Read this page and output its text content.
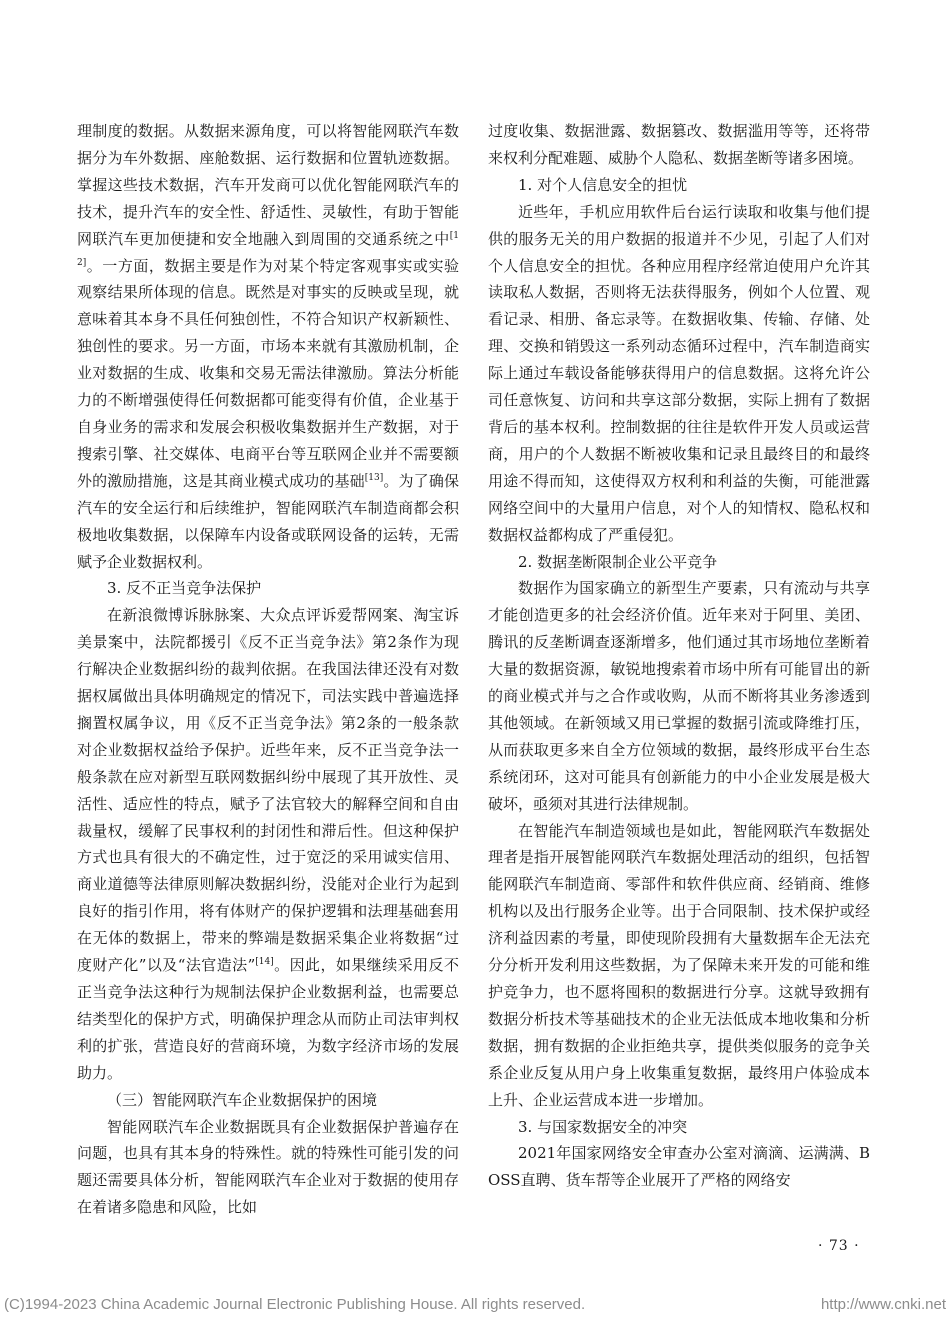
理制度的数据。从数据来源角度，可以将智能网联汽车数据分为车外数据、座舱数据、运行数据和位置轨迹数据。掌握这些技术数据，汽车开发商可以优化智能网联汽车的技术，提升汽车的安全性、舒适性、灵敏性，有助于智能网联汽车更加便捷和安全地融入到周围的交通系统之中[12]。一方面，数据主要是作为对某个特定客观事实或实验观察结果所体现的信息。既然是对事实的反映或呈现，就意味着其本身不具任何独创性，不符合知识产权新颖性、独创性的要求。另一方面，市场本来就有其激励机制，企业对数据的生成、收集和交易无需法律激励。算法分析能力的不断增强使得任何数据都可能变得有价值，企业基于自身业务的需求和发展会积极收集数据并生产数据，对于搜索引擎、社交媒体、电商平台等互联网企业并不需要额外的激励措施，这是其商业模式成功的基础[13]。为了确保汽车的安全运行和后续维护，智能网联汽车制造商都会积极地收集数据，以保障车内设备或联网设备的运转，无需赋予企业数据权利。

3. 反不正当竞争法保护

在新浪微博诉脉脉案、大众点评诉爱帮网案、淘宝诉美景案中，法院都援引《反不正当竞争法》第2条作为现行解决企业数据纠纷的裁判依据。在我国法律还没有对数据权属做出具体明确规定的情况下，司法实践中普遍选择搁置权属争议，用《反不正当竞争法》第2条的一般条款对企业数据权益给予保护。近些年来，反不正当竞争法一般条款在应对新型互联网数据纠纷中展现了其开放性、灵活性、适应性的特点，赋予了法官较大的解释空间和自由裁量权，缓解了民事权利的封闭性和滞后性。但这种保护方式也具有很大的不确定性，过于宽泛的采用诚实信用、商业道德等法律原则解决数据纠纷，没能对企业行为起到良好的指引作用，将有体财产的保护逻辑和法理基础套用在无体的数据上，带来的弊端是数据采集企业将数据“过度财产化”以及“法官造法”[14]。因此，如果继续采用反不正当竞争法这种行为规制法保护企业数据利益，也需要总结类型化的保护方式，明确保护理念从而防止司法审判权利的扩张，营造良好的营商环境，为数字经济市场的发展助力。

（三）智能网联汽车企业数据保护的困境

智能网联汽车企业数据既具有企业数据保护普遍存在问题，也具有其本身的特殊性。就的特殊性可能引发的问题还需要具体分析，智能网联汽车企业对于数据的使用存在着诸多隐患和风险，比如

过度收集、数据泄露、数据篡改、数据滥用等等，还将带来权利分配难题、威胁个人隐私、数据垄断等诸多困境。

1. 对个人信息安全的担忧

近些年，手机应用软件后台运行读取和收集与他们提供的服务无关的用户数据的报道并不少见，引起了人们对个人信息安全的担忧。各种应用程序经常迫使用户允许其读取私人数据，否则将无法获得服务，例如个人位置、观看记录、相册、备忘录等。在数据收集、传输、存储、处理、交换和销毁这一系列动态循环过程中，汽车制造商实际上通过车载设备能够获得用户的信息数据。这将允许公司任意恢复、访问和共享这部分数据，实际上拥有了数据背后的基本权利。控制数据的往往是软件开发人员或运营商，用户的个人数据不断被收集和记录且最终目的和最终用途不得而知，这使得双方权利和利益的失衡，可能泄露网络空间中的大量用户信息，对个人的知情权、隐私权和数据权益都构成了严重侵犯。

2. 数据垄断限制企业公平竞争

数据作为国家确立的新型生产要素，只有流动与共享才能创造更多的社会经济价值。近年来对于阿里、美团、腾讯的反垄断调查逐渐增多，他们通过其市场地位垄断着大量的数据资源，敏锐地搜索着市场中所有可能冒出的新的商业模式并与之合作或收购，从而不断将其业务渗透到其他领域。在新领域又用已掌握的数据引流或降维打压，从而获取更多来自全方位领域的数据，最终形成平台生态系统闭环，这对可能具有创新能力的中小企业发展是极大破坏，亟须对其进行法律规制。

在智能汽车制造领域也是如此，智能网联汽车数据处理者是指开展智能网联汽车数据处理活动的组织，包括智能网联汽车制造商、零部件和软件供应商、经销商、维修机构以及出行服务企业等。出于合同限制、技术保护或经济利益因素的考量，即使现阶段拥有大量数据车企无法充分分析开发利用这些数据，为了保障未来开发的可能和维护竞争力，也不愿将囤积的数据进行分享。这就导致拥有数据分析技术等基础技术的企业无法低成本地收集和分析数据，拥有数据的企业拒绝共享，提供类似服务的竞争关系企业反复从用户身上收集重复数据，最终用户体验成本上升、企业运营成本进一步增加。

3. 与国家数据安全的冲突

2021年国家网络安全审查办公室对滴滴、运满满、BOSS直聘、货车帮等企业展开了严格的网络安

· 73 ·
(C)1994-2023 China Academic Journal Electronic Publishing House. All rights reserved.	http://www.cnki.net
